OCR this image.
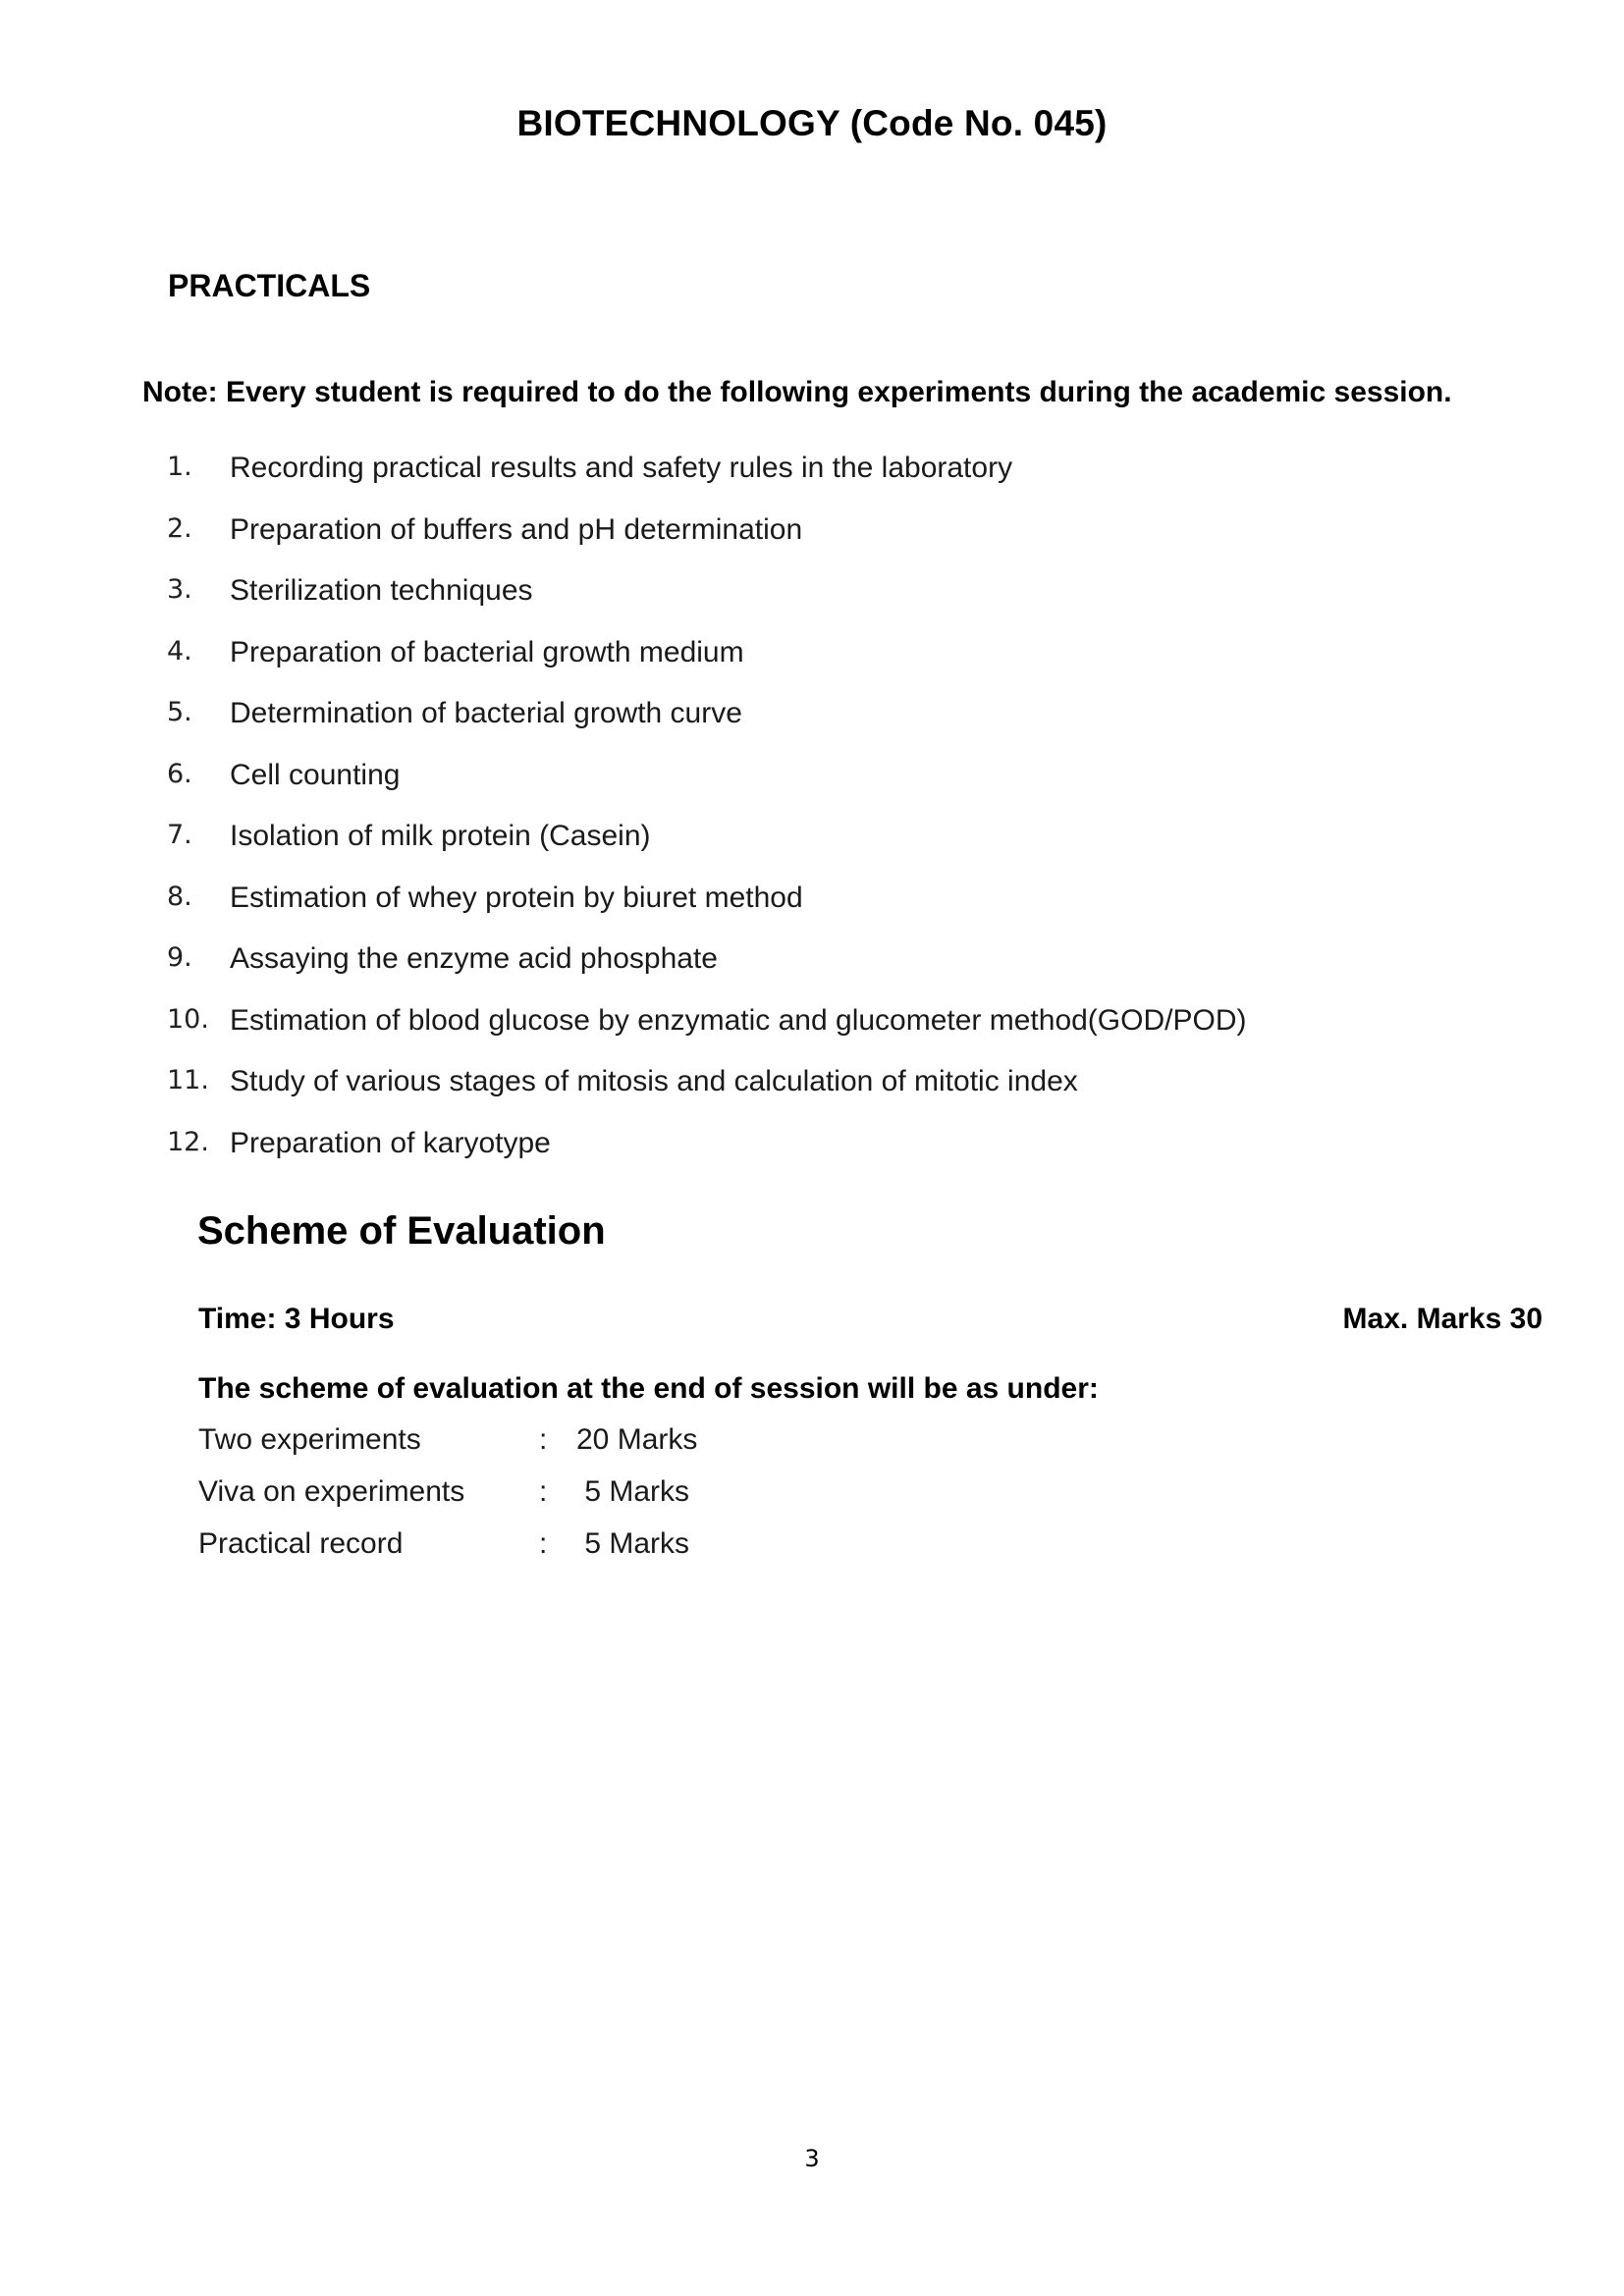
BIOTECHNOLOGY (Code No. 045)
PRACTICALS
Note: Every student is required to do the following experiments during the academic session.
1. Recording practical results and safety rules in the laboratory
2. Preparation of buffers and pH determination
3. Sterilization techniques
4. Preparation of bacterial growth medium
5. Determination of bacterial growth curve
6. Cell counting
7. Isolation of milk protein (Casein)
8. Estimation of whey protein by biuret method
9. Assaying the enzyme acid phosphate
10. Estimation of blood glucose by enzymatic and glucometer method(GOD/POD)
11. Study of various stages of mitosis and calculation of mitotic index
12. Preparation of karyotype
Scheme of Evaluation
Time: 3 Hours	Max. Marks 30
The scheme of evaluation at the end of session will be as under:
Two experiments	:	20 Marks
Viva on experiments	:	5 Marks
Practical record	:	5 Marks
3
